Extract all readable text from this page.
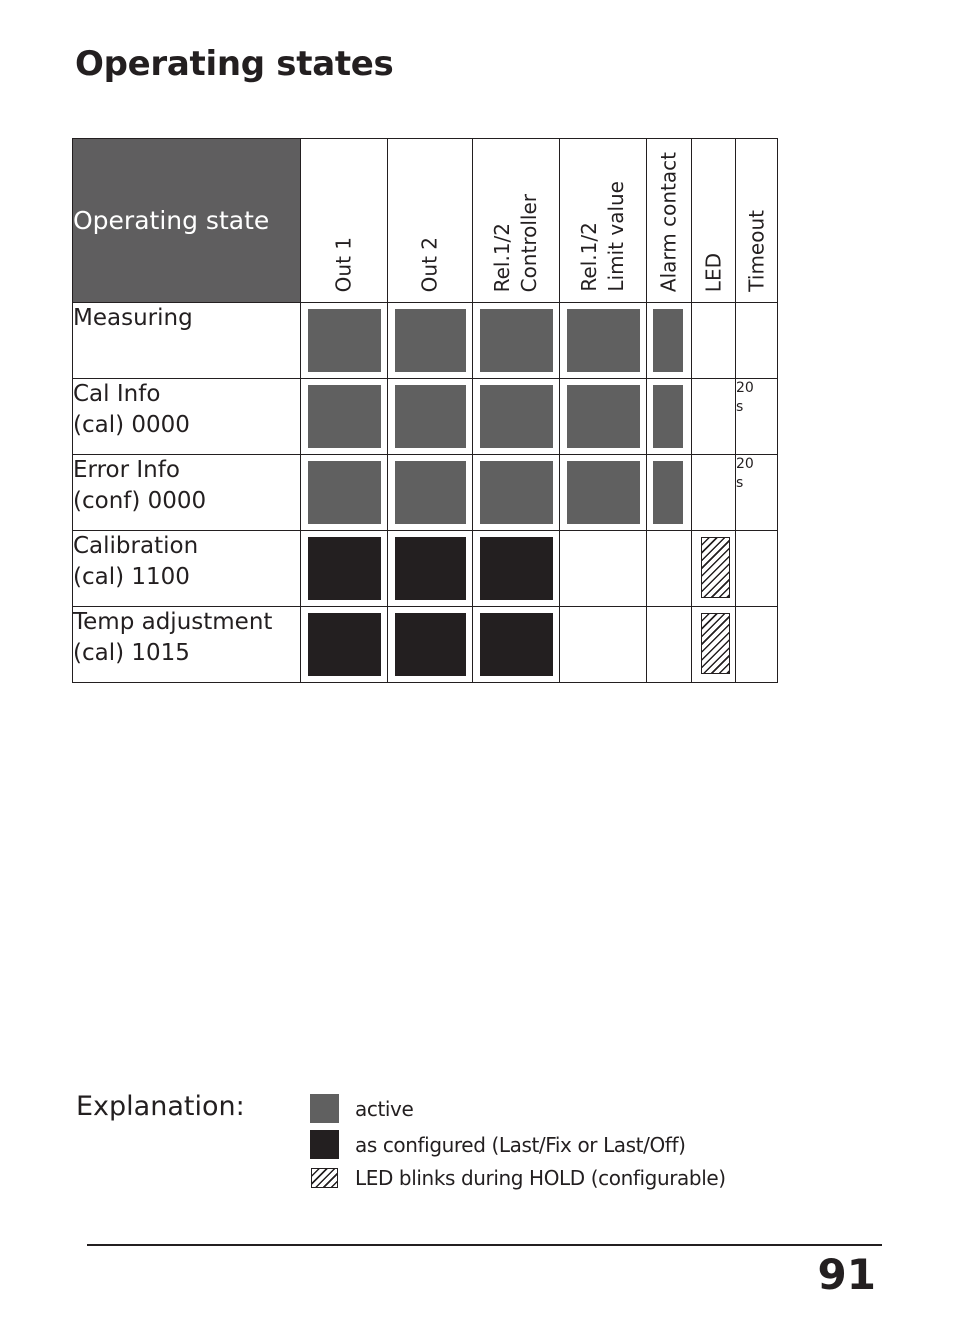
Operating states
Operating state	Out 1	Out 2	Rel.1/2 Controller	Rel.1/2 Limit value	Alarm contact	LED	Timeout

Measuring	

Cal Info
(cal) 0000							20
s

Error Info
(conf) 0000							20
s

Calibration
(cal) 1100	

Temp adjustment
(cal) 1015	

Explanation:	active
as configured (Last/Fix or Last/Off)
LED blinks during HOLD (configurable)
91
